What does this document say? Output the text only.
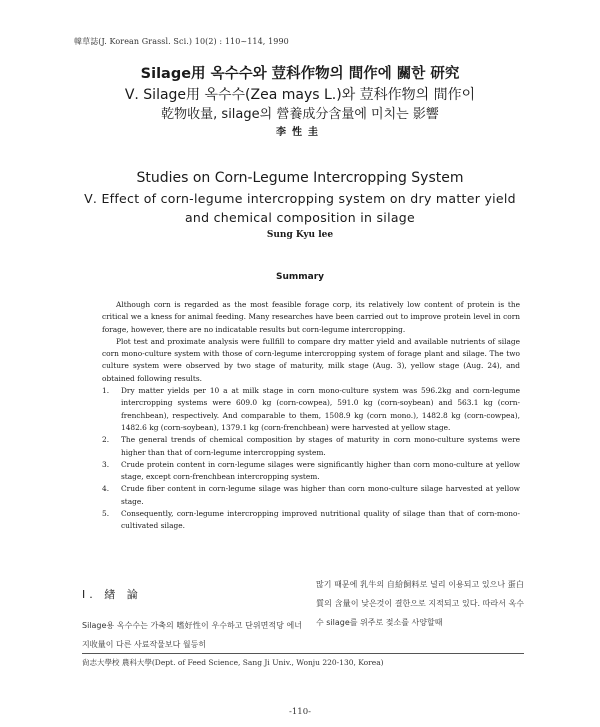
韓草誌(J. Korean Grassl. Sci.) 10(2) : 110~114, 1990
Silage用 옥수수와 荳科作物의 間作에 關한 研究
Ⅴ. Silage用 옥수수(Zea mays L.)와 荳科作物의 間作이
乾物收量, silage의 營養成分含量에 미치는 影響
李性圭
Studies on Corn-Legume Intercropping System
Ⅴ. Effect of corn-legume intercropping system on dry matter yield
and chemical composition in silage
Sung Kyu lee
Summary

Although corn is regarded as the most feasible forage corp, its relatively low content of protein is the critical we a kness for animal feeding. Many researches have been carried out to improve protein level in corn forage, however, there are no indicatable results but corn-legume intercropping.

Plot test and proximate analysis were fullfill to compare dry matter yield and available nutrients of silage corn mono-culture system with those of corn-legume intercropping system of forage plant and silage. The two culture system were observed by two stage of maturity, milk stage (Aug. 3), yellow stage (Aug. 24), and obtained following results.

1. Dry matter yields per 10 a at milk stage in corn mono-culture system was 596.2kg and corn-legume intercropping systems were 609.0 kg (corn-cowpea), 591.0 kg (corn-soybean) and 563.1 kg (corn-frenchbean), respectively. And comparable to them, 1508.9 kg (corn mono.), 1482.8 kg (corn-cowpea), 1482.6 kg (corn-soybean), 1379.1 kg (corn-frenchbean) were harvested at yellow stage.
2. The general trends of chemical composition by stages of maturity in corn mono-culture systems were higher than that of corn-legume intercropping system.
3. Crude protein content in corn-legume silages were significantly higher than corn mono-culture at yellow stage, except corn-frenchbean intercropping system.
4. Crude fiber content in corn-legume silage was higher than corn mono-culture silage harvested at yellow stage.
5. Consequently, corn-legume intercropping improved nutritional quality of silage than that of corn-mono-cultivated silage.
Ⅰ. 緖 論

Silage용 옥수수는 가축의 嗜好性이 우수하고 단위면적당 에너지收量이 다른 사료작물보다 월등히

많기 때문에 乳牛의 自給飼料로 널리 이용되고 있으나 蛋白質의 含量이 낮은것이 결한으로 지적되고 있다. 따라서 옥수수 silage를 위주로 젖소를 사양할때

尙志大學校 農科大學(Dept. of Feed Science, Sang Ji Univ., Wonju 220-130, Korea)
-110-
